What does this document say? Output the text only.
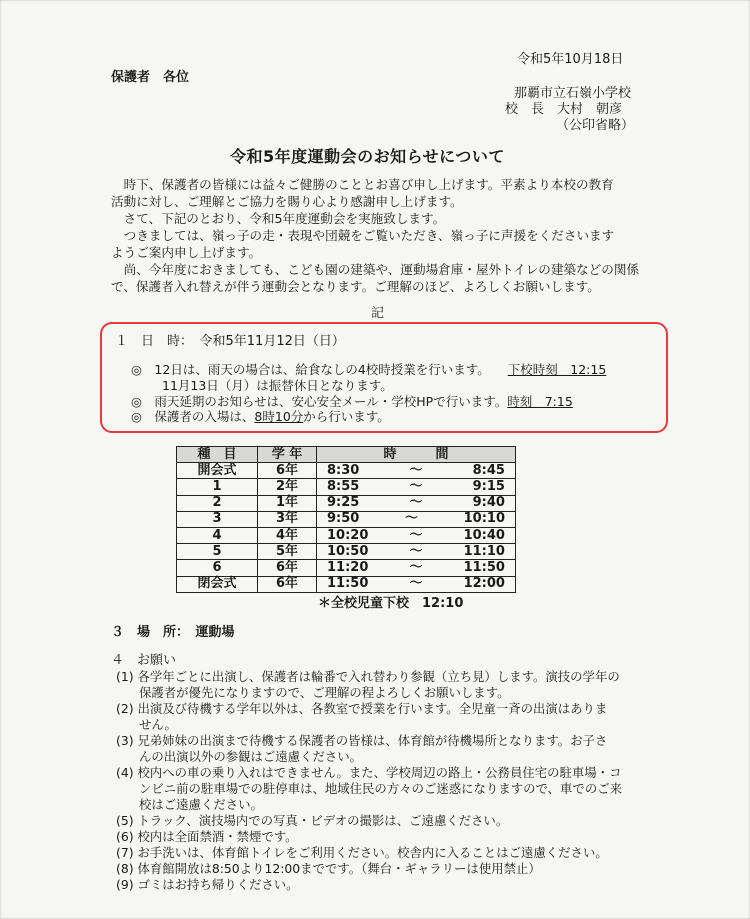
令和5年10月18日
保護者　各位
那覇市立石嶺小学校
校　長　大村　朝彦
（公印省略）
令和5年度運動会のお知らせについて
　時下、保護者の皆様には益々ご健勝のこととお喜び申し上げます。平素より本校の教育
活動に対し、ご理解とご協力を賜り心より感謝申し上げます。
　さて、下記のとおり、令和5年度運動会を実施致します。
　つきましては、嶺っ子の走・表現や団競をご覧いただき、嶺っ子に声援をくださいます
ようご案内申し上げます。
　尚、今年度におきましても、こども園の建築や、運動場倉庫・屋外トイレの建築などの関係
で、保護者入れ替えが伴う運動会となります。ご理解のほど、よろしくお願いします。
記
１　日　時：　令和5年11月12日（日）
◎　12日は、雨天の場合は、給食なしの4校時授業を行います。 下校時刻　12:15
11月13日（月）は振替休日となります。
◎　雨天延期のお知らせは、安心安全メール・学校HPで行います。時刻　7:15
◎　保護者の入場は、8時10分から行います。
種　目	学 年	時　　　間
開会式	6年	8:30 ～ 8:45

1	2年	8:55 ～ 9:15

2	1年	9:25 ～ 9:40

3	3年	9:50 ～ 10:10

4	4年	10:20 ～ 10:40

5	5年	10:50 ～ 11:10

6	6年	11:20 ～ 11:50

閉会式	6年	11:50 ～ 12:00
＊全校児童下校　12:10
３　場　所：　運動場
４　お願い
(1) 各学年ごとに出演し、保護者は輪番で入れ替わり参観（立ち見）します。演技の学年の
保護者が優先になりますので、ご理解の程よろしくお願いします。
(2) 出演及び待機する学年以外は、各教室で授業を行います。全児童一斉の出演はありま
せん。
(3) 兄弟姉妹の出演まで待機する保護者の皆様は、体育館が待機場所となります。お子さ
んの出演以外の参観はご遠慮ください。
(4) 校内への車の乗り入れはできません。また、学校周辺の路上・公務員住宅の駐車場・コ
ンビニ前の駐車場での駐停車は、地域住民の方々のご迷惑になりますので、車でのご来
校はご遠慮ください。
(5) トラック、演技場内での写真・ビデオの撮影は、ご遠慮ください。
(6) 校内は全面禁酒・禁煙です。
(7) お手洗いは、体育館トイレをご利用ください。校舎内に入ることはご遠慮ください。
(8) 体育館開放は8:50より12:00までです。（舞台・ギャラリーは使用禁止）
(9) ゴミはお持ち帰りください。
